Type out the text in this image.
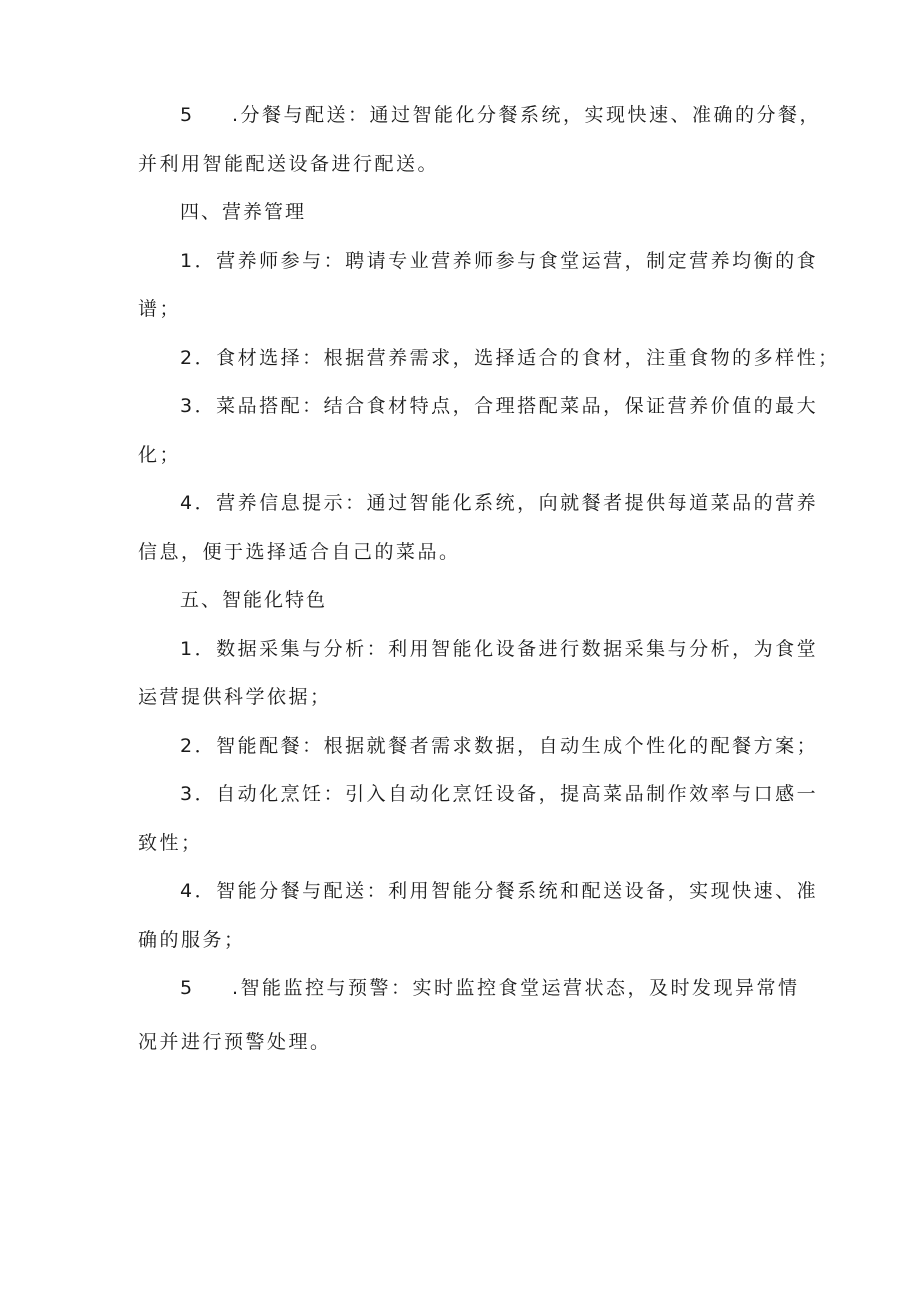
5 .分餐与配送：通过智能化分餐系统，实现快速、准确的分餐，
并利用智能配送设备进行配送。
四、营养管理
1．营养师参与：聘请专业营养师参与食堂运营，制定营养均衡的食
谱；
2．食材选择：根据营养需求，选择适合的食材，注重食物的多样性；
3．菜品搭配：结合食材特点，合理搭配菜品，保证营养价值的最大
化；
4．营养信息提示：通过智能化系统，向就餐者提供每道菜品的营养
信息，便于选择适合自己的菜品。
五、智能化特色
1．数据采集与分析：利用智能化设备进行数据采集与分析，为食堂
运营提供科学依据；
2．智能配餐：根据就餐者需求数据，自动生成个性化的配餐方案；
3．自动化烹饪：引入自动化烹饪设备，提高菜品制作效率与口感一
致性；
4．智能分餐与配送：利用智能分餐系统和配送设备，实现快速、准
确的服务；
5 .智能监控与预警：实时监控食堂运营状态，及时发现异常情
况并进行预警处理。
